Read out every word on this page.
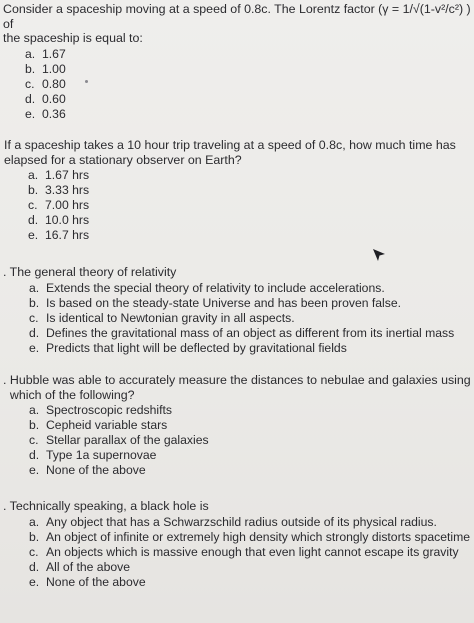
Consider a spaceship moving at a speed of 0.8c. The Lorentz factor (γ = 1/√(1-v²/c²) ) of
the spaceship is equal to:

a. 1.67
b. 1.00
c. 0.80
d. 0.60
e. 0.36

If a spaceship takes a 10 hour trip traveling at a speed of 0.8c, how much time has
elapsed for a stationary observer on Earth?

a. 1.67 hrs
b. 3.33 hrs
c. 7.00 hrs
d. 10.0 hrs
e. 16.7 hrs

. The general theory of relativity

a. Extends the special theory of relativity to include accelerations.
b. Is based on the steady-state Universe and has been proven false.
c. Is identical to Newtonian gravity in all aspects.
d. Defines the gravitational mass of an object as different from its inertial mass
e. Predicts that light will be deflected by gravitational fields

. Hubble was able to accurately measure the distances to nebulae and galaxies using
which of the following?

a. Spectroscopic redshifts
b. Cepheid variable stars
c. Stellar parallax of the galaxies
d. Type 1a supernovae
e. None of the above

. Technically speaking, a black hole is

a. Any object that has a Schwarzschild radius outside of its physical radius.
b. An object of infinite or extremely high density which strongly distorts spacetime
c. An objects which is massive enough that even light cannot escape its gravity
d. All of the above
e. None of the above
